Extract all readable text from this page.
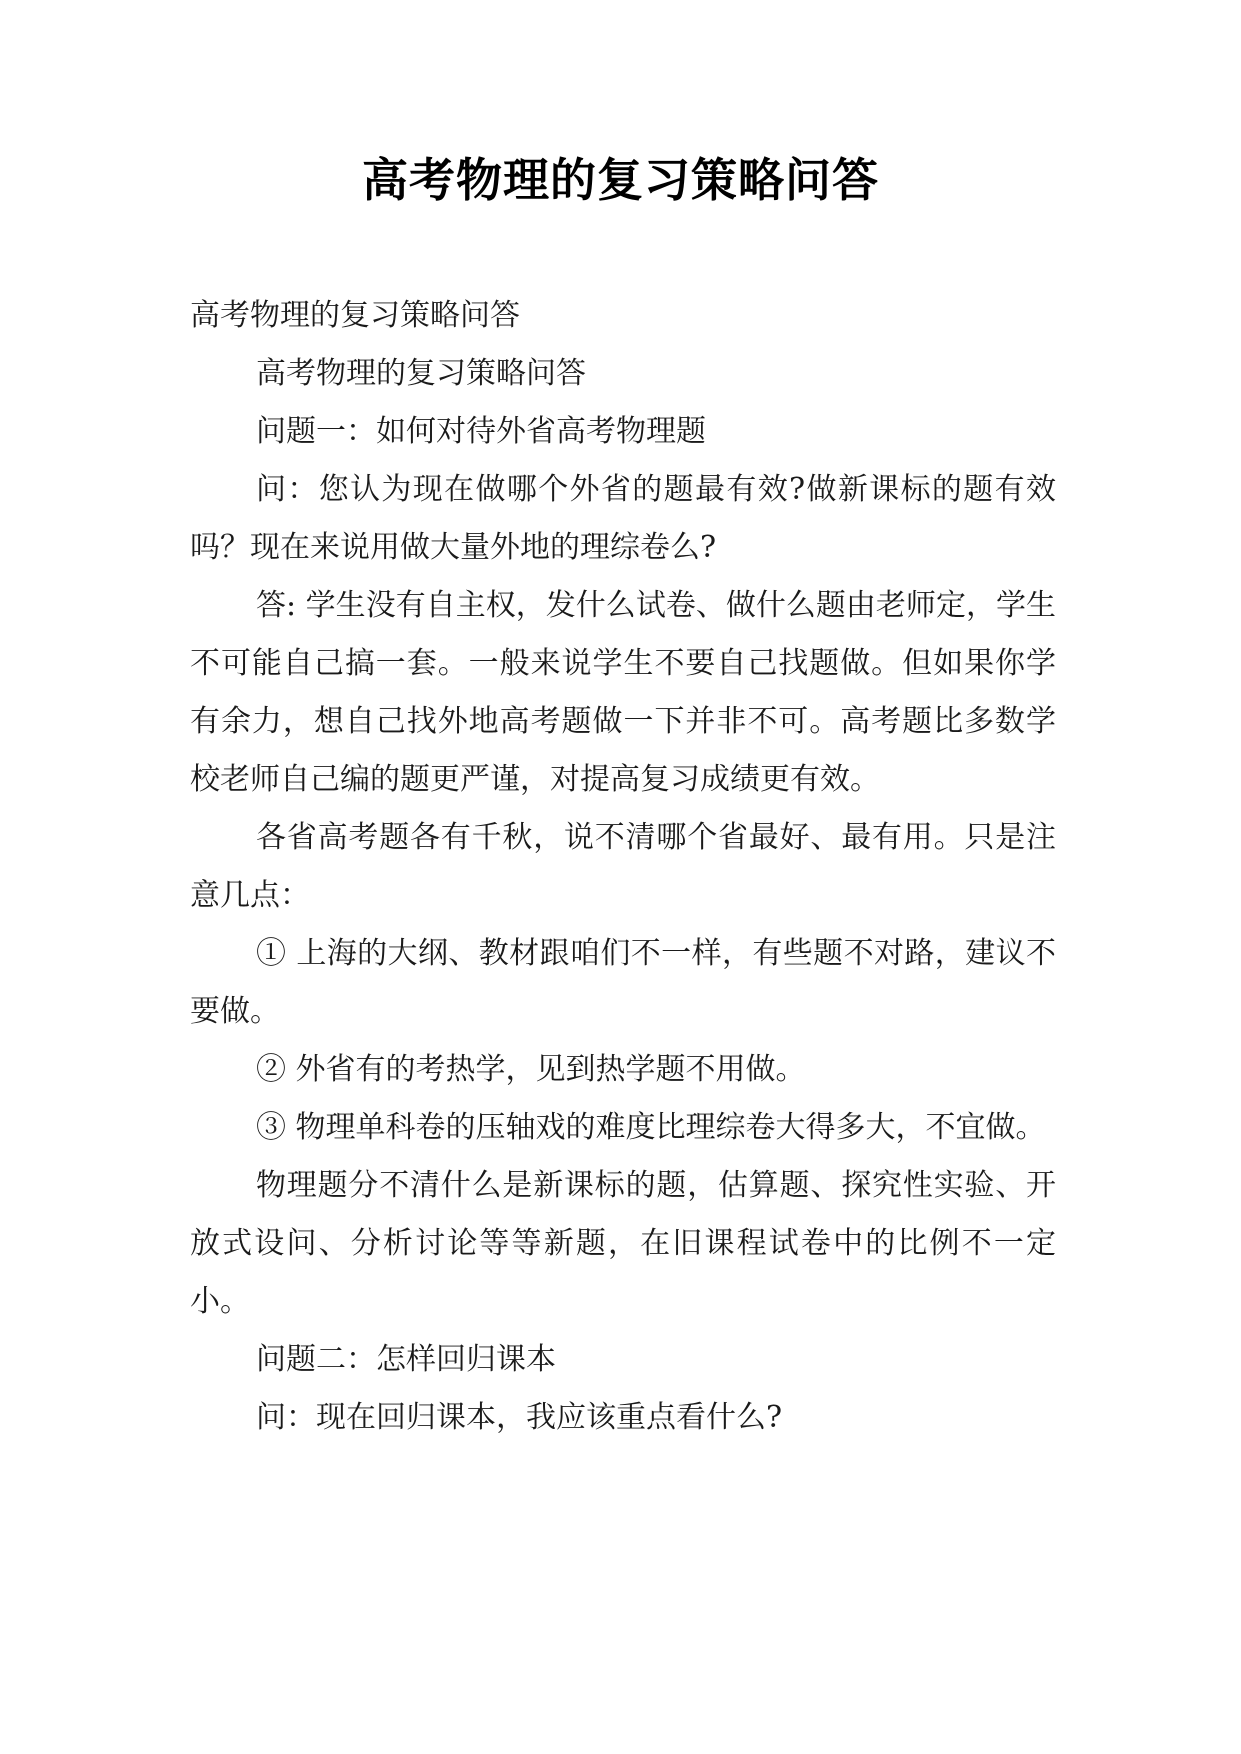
高考物理的复习策略问答

高考物理的复习策略问答

高考物理的复习策略问答

问题一：如何对待外省高考物理题

问：您认为现在做哪个外省的题最有效?做新课标的题有效吗？现在来说用做大量外地的理综卷么?

答: 学生没有自主权，发什么试卷、做什么题由老师定，学生不可能自己搞一套。一般来说学生不要自己找题做。但如果你学有余力，想自己找外地高考题做一下并非不可。高考题比多数学校老师自己编的题更严谨，对提高复习成绩更有效。

各省高考题各有千秋，说不清哪个省最好、最有用。只是注意几点：

① 上海的大纲、教材跟咱们不一样，有些题不对路，建议不要做。

② 外省有的考热学，见到热学题不用做。

③ 物理单科卷的压轴戏的难度比理综卷大得多大，不宜做。

物理题分不清什么是新课标的题，估算题、探究性实验、开放式设问、分析讨论等等新题，在旧课程试卷中的比例不一定小。

问题二：怎样回归课本

问：现在回归课本，我应该重点看什么?
